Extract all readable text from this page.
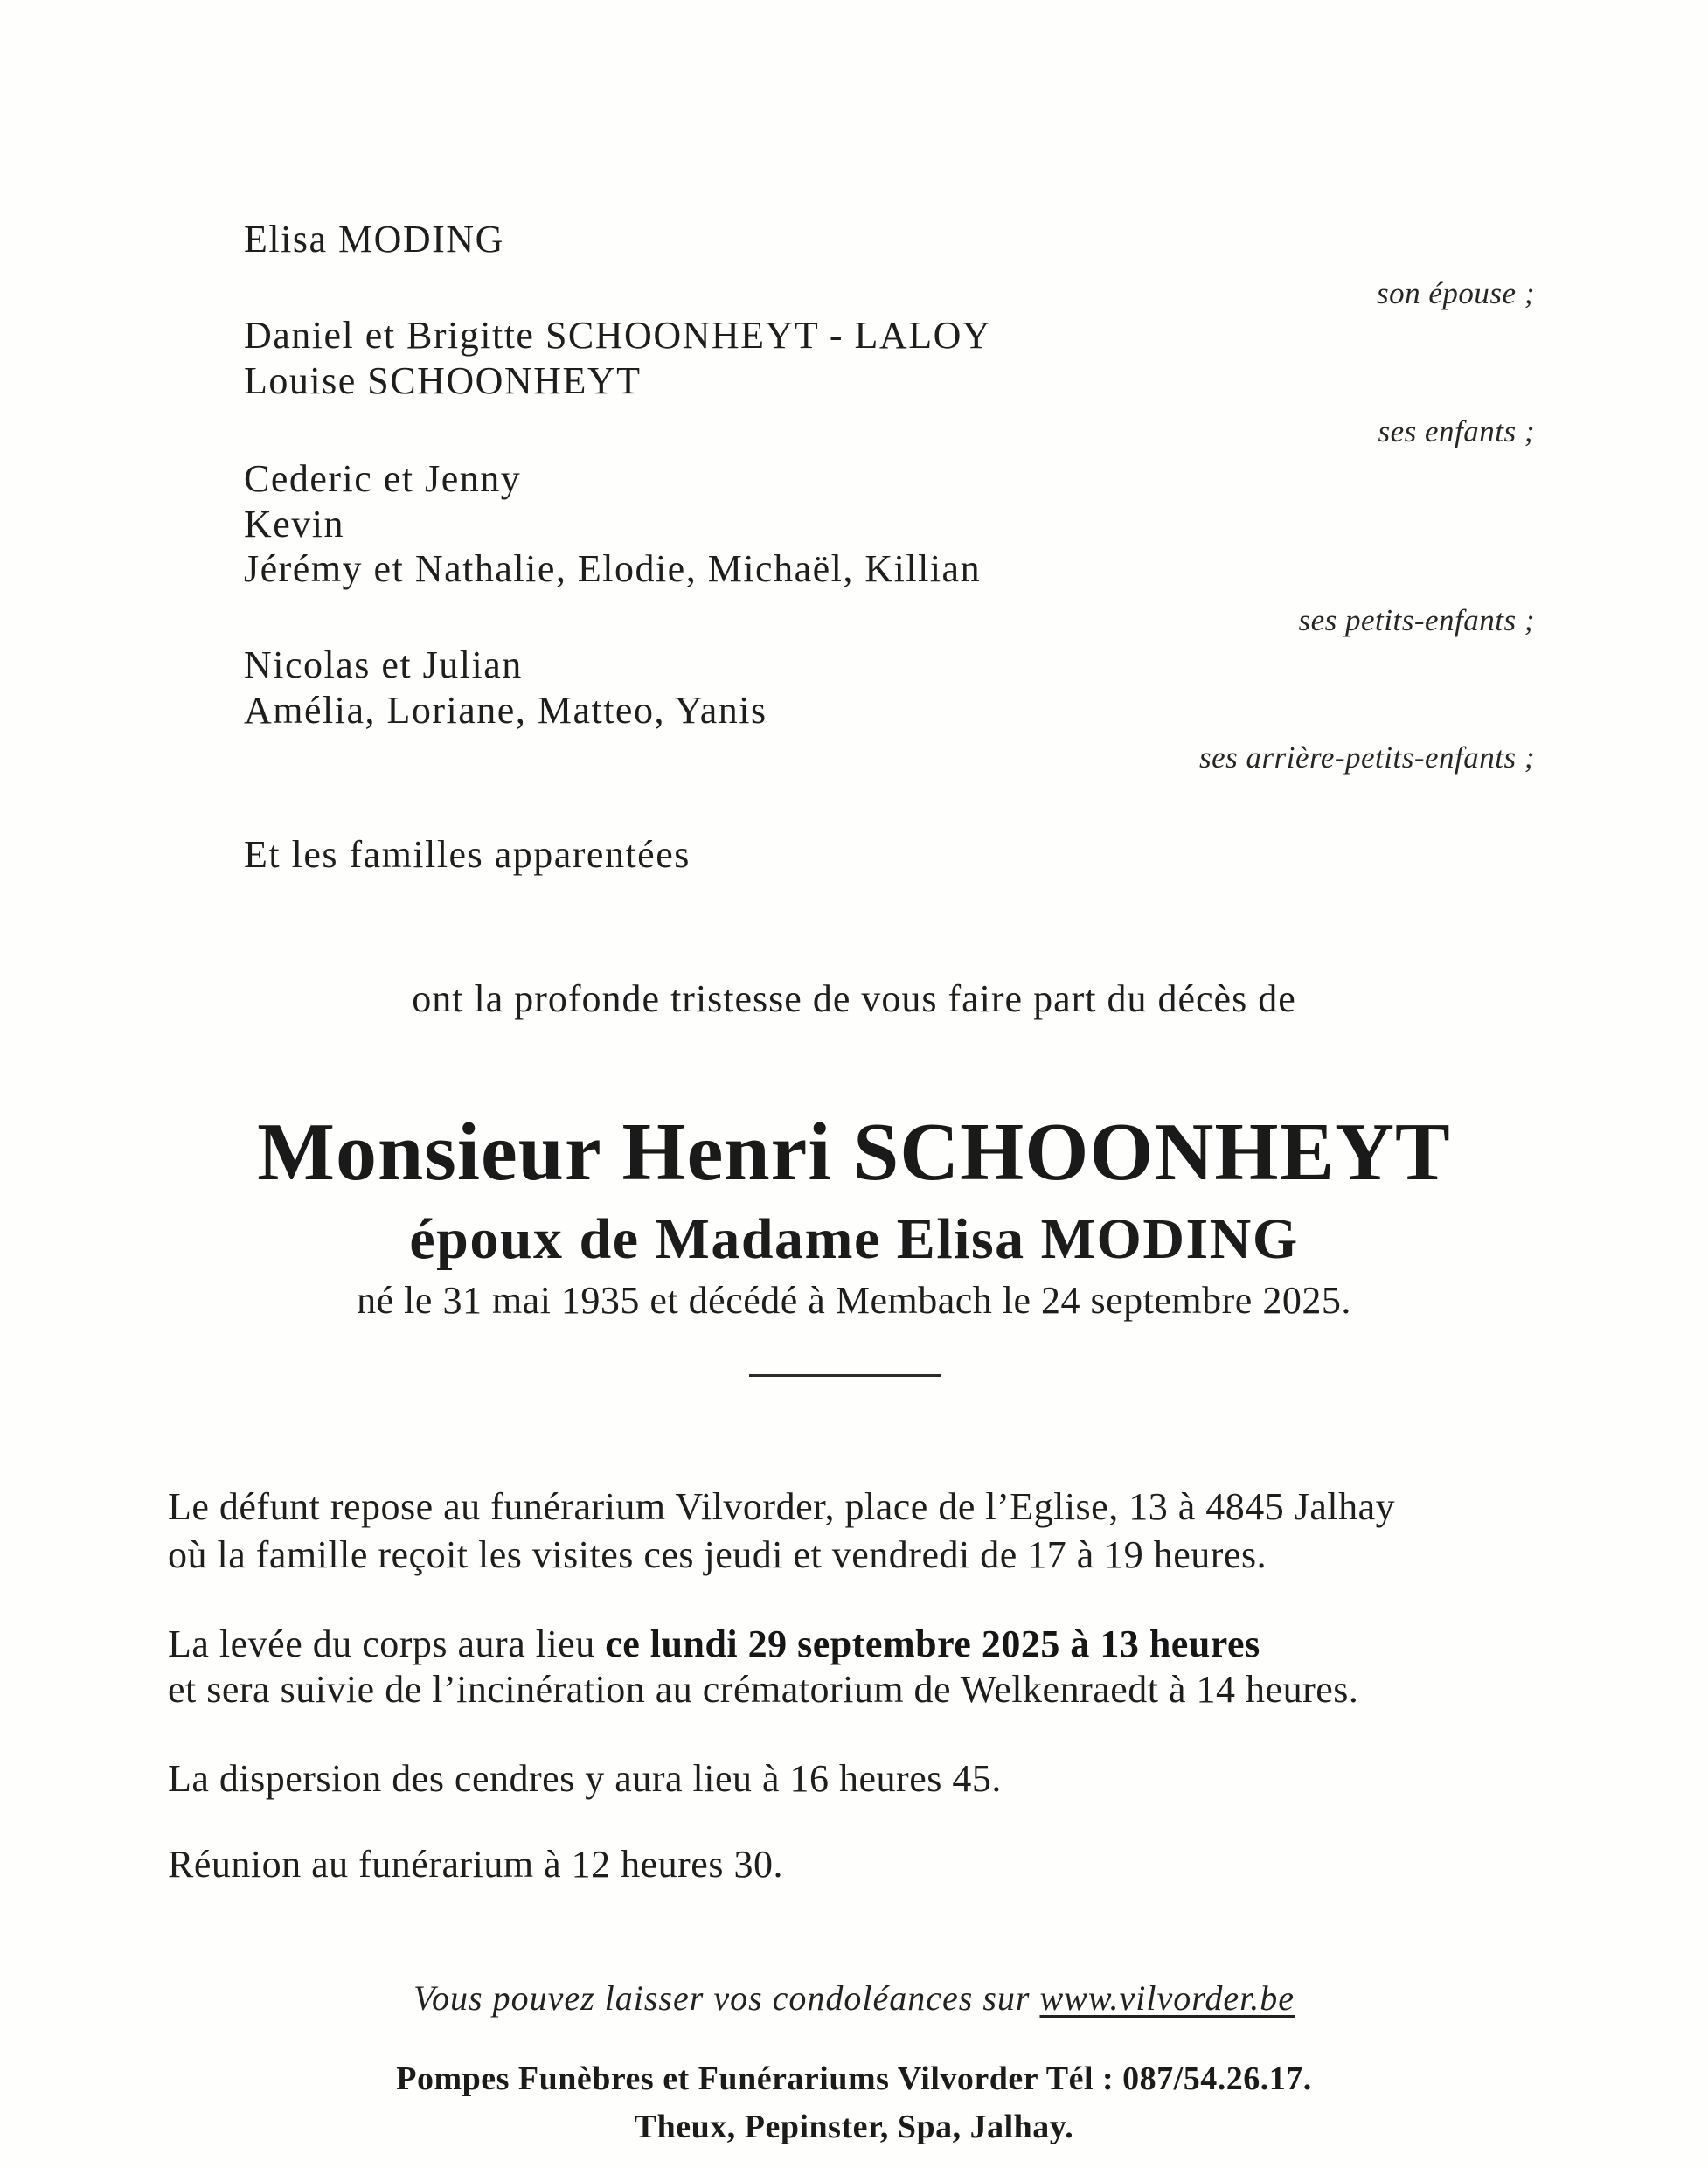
Elisa MODING
son épouse ;
Daniel et Brigitte SCHOONHEYT - LALOY
Louise SCHOONHEYT
ses enfants ;
Cederic et Jenny
Kevin
Jérémy et Nathalie, Elodie, Michaël, Killian
ses petits-enfants ;
Nicolas et Julian
Amélia, Loriane, Matteo, Yanis
ses arrière-petits-enfants ;
Et les familles apparentées
ont la profonde tristesse de vous faire part du décès de
Monsieur Henri SCHOONHEYT
époux de Madame Elisa MODING
né le 31 mai 1935 et décédé à Membach le 24 septembre 2025.
Le défunt repose au funérarium Vilvorder, place de l’Eglise, 13 à 4845 Jalhay
où la famille reçoit les visites ces jeudi et vendredi de 17 à 19 heures.
La levée du corps aura lieu ce lundi 29 septembre 2025 à 13 heures
et sera suivie de l’incinération au crématorium de Welkenraedt à 14 heures.
La dispersion des cendres y aura lieu à 16 heures 45.
Réunion au funérarium à 12 heures 30.
Vous pouvez laisser vos condoléances sur www.vilvorder.be
Pompes Funèbres et Funérariums Vilvorder Tél : 087/54.26.17.
Theux, Pepinster, Spa, Jalhay.
